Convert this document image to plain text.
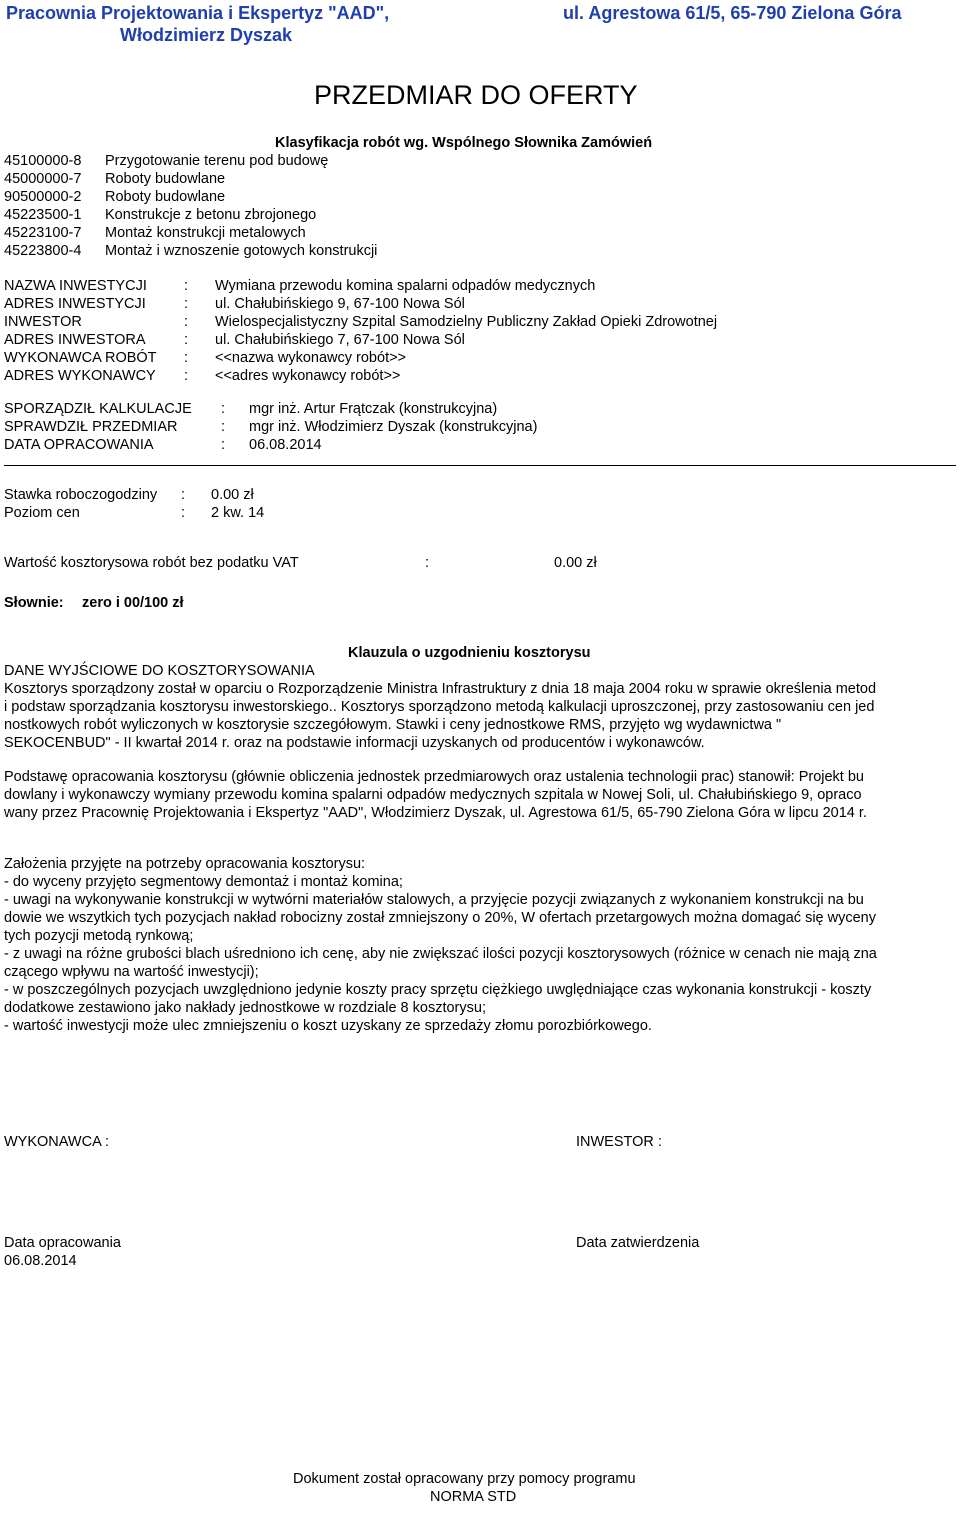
Pracownia Projektowania i Ekspertyz "AAD",
Włodzimierz Dyszak
ul. Agrestowa 61/5, 65-790 Zielona Góra
PRZEDMIAR DO OFERTY
Klasyfikacja robót wg. Wspólnego Słownika Zamówień
45100000-8 Przygotowanie terenu pod budowę
45000000-7 Roboty budowlane
90500000-2 Roboty budowlane
45223500-1 Konstrukcje z betonu zbrojonego
45223100-7 Montaż konstrukcji metalowych
45223800-4 Montaż i wznoszenie gotowych konstrukcji
NAZWA INWESTYCJI	: Wymiana przewodu komina spalarni odpadów medycznych
ADRES INWESTYCJI	: ul. Chałubińskiego 9, 67-100 Nowa Sól
INWESTOR	: Wielospecjalistyczny Szpital Samodzielny Publiczny Zakład Opieki Zdrowotnej
ADRES INWESTORA	: ul. Chałubińskiego 7, 67-100 Nowa Sól
WYKONAWCA ROBÓT : <<nazwa wykonawcy robót>>
ADRES WYKONAWCY : <<adres wykonawcy robót>>
SPORZĄDZIŁ KALKULACJE : mgr inż. Artur Frątczak (konstrukcyjna)
SPRAWDZIŁ PRZEDMIAR	: mgr inż. Włodzimierz Dyszak (konstrukcyjna)
DATA OPRACOWANIA	: 06.08.2014
Stawka roboczogodziny : 0.00 zł
Poziom cen	: 2 kw. 14
Wartość kosztorysowa robót bez podatku VAT	:	0.00 zł
Słownie: zero i 00/100 zł
Klauzula o uzgodnieniu kosztorysu
DANE WYJŚCIOWE DO KOSZTORYSOWANIA

Kosztorys sporządzony został w oparciu o Rozporządzenie Ministra Infrastruktury z dnia 18 maja 2004 roku w sprawie określenia metod

i podstaw sporządzania kosztorysu inwestorskiego.. Kosztorys sporządzono metodą kalkulacji uproszczonej, przy zastosowaniu cen jed

nostkowych robót wyliczonych w kosztorysie szczegółowym. Stawki i ceny jednostkowe RMS, przyjęto wg wydawnictwa "

SEKOCENBUD" - II kwartał 2014 r. oraz na podstawie informacji uzyskanych od producentów i wykonawców.

Podstawę opracowania kosztorysu (głównie obliczenia jednostek przedmiarowych oraz ustalenia technologii prac) stanowił: Projekt bu

dowlany i wykonawczy wymiany przewodu komina spalarni odpadów medycznych szpitala w Nowej Soli, ul. Chałubińskiego 9, opraco

wany przez Pracownię Projektowania i Ekspertyz "AAD", Włodzimierz Dyszak, ul. Agrestowa 61/5, 65-790 Zielona Góra w lipcu 2014 r.

Założenia przyjęte na potrzeby opracowania kosztorysu:

- do wyceny przyjęto segmentowy demontaż i montaż komina;

- uwagi na wykonywanie konstrukcji w wytwórni materiałów stalowych, a przyjęcie pozycji związanych z wykonaniem konstrukcji na bu

dowie we wszytkich tych pozycjach nakład robocizny został zmniejszony o 20%, W ofertach przetargowych można domagać się wyceny

tych pozycji metodą rynkową;

- z uwagi na różne grubości blach uśredniono ich cenę, aby nie zwiększać ilości pozycji kosztorysowych (różnice w cenach nie mają zna

czącego wpływu na wartość inwestycji);

- w poszczególnych pozycjach uwzględniono jedynie koszty pracy sprzętu ciężkiego uwględniające czas wykonania konstrukcji - koszty

dodatkowe zestawiono jako nakłady jednostkowe w rozdziale 8 kosztorysu;

- wartość inwestycji może ulec zmniejszeniu o koszt uzyskany ze sprzedaży złomu porozbiórkowego.

WYKONAWCA :	INWESTOR :
Data opracowania
06.08.2014
Data zatwierdzenia
Dokument został opracowany przy pomocy programu
NORMA STD
